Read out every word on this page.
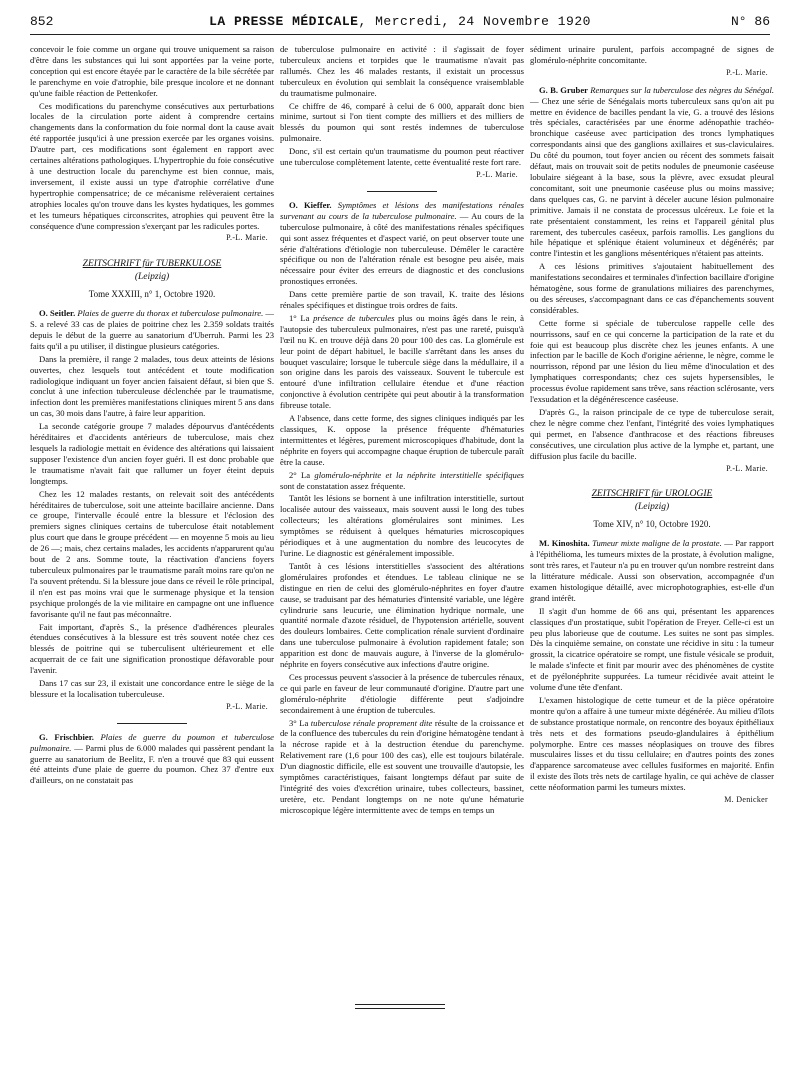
852	LA PRESSE MÉDICALE, Mercredi, 24 Novembre 1920	N° 86

concevoir le foie comme un organe qui trouve uniquement sa raison d'être dans les substances qui lui sont apportées par la veine porte, conception qui est encore étayée par le caractère de la bile sécrétée par le parenchyme en voie d'atrophie, bile presque incolore et ne donnant qu'une faible réaction de Pettenkofer.

Ces modifications du parenchyme consécutives aux perturbations locales de la circulation porte aident à comprendre certains changements dans la conformation du foie normal dont la cause avait été rapportée jusqu'ici à une pression exercée par les organes voisins. D'autre part, ces modifications sont également en rapport avec certaines altérations pathologiques. L'hypertrophie du foie consécutive à une destruction locale du parenchyme est bien connue, mais, inversement, il existe aussi un type d'atrophie corrélative d'une hypertrophie compensatrice; de ce mécanisme relèveraient certaines atrophies locales qu'on trouve dans les kystes hydatiques, les gommes et les tumeurs hépatiques circonscrites, atrophies qui peuvent être la conséquence d'une compression s'exerçant par les radicules portes.

P.-L. Marie.
ZEITSCHRIFT für TUBERKULOSE
(Leipzig)
Tome XXXIII, n° 1, Octobre 1920.

O. Seitler. Plaies de guerre du thorax et tuberculose pulmonaire. — S. a relevé 33 cas de plaies de poitrine chez les 2.359 soldats traités depuis le début de la guerre au sanatorium d'Uberruh. Parmi les 23 faits qu'il a pu utiliser, il distingue plusieurs catégories.

Dans la première, il range 2 malades, tous deux atteints de lésions ouvertes, chez lesquels tout antécédent et toute modification radiologique indiquant un foyer ancien faisaient défaut, si bien que S. conclut à une infection tuberculeuse déclenchée par le traumatisme, infection dont les premières manifestations cliniques mirent 5 ans dans un cas, 30 mois dans l'autre, à faire leur apparition.

La seconde catégorie groupe 7 malades dépourvus d'antécédents héréditaires et d'accidents antérieurs de tuberculose, mais chez lesquels la radiologie mettait en évidence des altérations qui laissaient supposer l'existence d'un ancien foyer guéri. Il est donc probable que le traumatisme n'avait fait que rallumer un foyer éteint depuis longtemps.

Chez les 12 malades restants, on relevait soit des antécédents héréditaires de tuberculose, soit une atteinte bacillaire ancienne. Dans ce groupe, l'intervalle écoulé entre la blessure et l'éclosion des premiers signes cliniques certains de tuberculose était notablement plus court que dans le groupe précédent — en moyenne 5 mois au lieu de 26 —; mais, chez certains malades, les accidents n'apparurent qu'au bout de 2 ans. Somme toute, la réactivation d'anciens foyers tuberculeux pulmonaires par le traumatisme paraît moins rare qu'on ne l'a souvent prétendu. Si la blessure joue dans ce réveil le rôle principal, il n'en est pas moins vrai que le surmenage physique et la tension psychique prolongés de la vie militaire en campagne ont une influence favorisante qu'il ne faut pas méconnaître.

Fait important, d'après S., la présence d'adhérences pleurales étendues consécutives à la blessure est très souvent notée chez ces blessés de poitrine qui se tuberculisent ultérieurement et elle acquerrait de ce fait une signification pronostique défavorable pour l'avenir.

Dans 17 cas sur 23, il existait une concordance entre le siège de la blessure et la localisation tuberculeuse.

P.-L. Marie.

G. Frischbier. Plaies de guerre du poumon et tuberculose pulmonaire. — Parmi plus de 6.000 malades qui passèrent pendant la guerre au sanatorium de Beelitz, F. n'en a trouvé que 83 qui eussent été atteints d'une plaie de guerre du poumon. Chez 37 d'entre eux d'ailleurs, on ne constatait pas

de tuberculose pulmonaire en activité : il s'agissait de foyer tuberculeux anciens et torpides que le traumatisme n'avait pas rallumés. Chez les 46 malades restants, il existait un processus tuberculeux en évolution qui semblait la conséquence vraisemblable du traumatisme pulmonaire.

Ce chiffre de 46, comparé à celui de 6 000, apparaît donc bien minime, surtout si l'on tient compte des milliers et des milliers de blessés du poumon qui sont restés indemnes de tuberculose pulmonaire.

Donc, s'il est certain qu'un traumatisme du poumon peut réactiver une tuberculose complètement latente, cette éventualité reste fort rare.

P.-L. Marie.

O. Kieffer. Symptômes et lésions des manifestations rénales survenant au cours de la tuberculose pulmonaire. — Au cours de la tuberculose pulmonaire, à côté des manifestations rénales spécifiques qui sont assez fréquentes et d'aspect varié, on peut observer toute une série d'altérations d'étiologie non tuberculeuse. Démêler le caractère spécifique ou non de l'altération rénale est besogne peu aisée, mais nécessaire pour éviter des erreurs de diagnostic et des conclusions pronostiques erronées.

Dans cette première partie de son travail, K. traite des lésions rénales spécifiques et distingue trois ordres de faits.

1° La présence de tubercules plus ou moins âgés dans le rein, à l'autopsie des tuberculeux pulmonaires, n'est pas une rareté, puisqu'à l'œil nu K. en trouve déjà dans 20 pour 100 des cas. La glomérule est leur point de départ habituel, le bacille s'arrêtant dans les anses du bouquet vasculaire; lorsque le tubercule siège dans la médullaire, il a son origine dans les parois des vaisseaux. Souvent le tubercule est entouré d'une infiltration cellulaire étendue et d'une réaction conjonctive à évolution centripète qui peut aboutir à la transformation fibreuse totale.

A l'absence, dans cette forme, des signes cliniques indiqués par les classiques, K. oppose la présence fréquente d'hématuries intermittentes et légères, purement microscopiques d'habitude, dont la néphrite en foyers qui accompagne chaque éruption de tubercule paraît être la cause.

2° La glomérulo-néphrite et la néphrite interstitielle spécifiques sont de constatation assez fréquente.

Tantôt les lésions se bornent à une infiltration interstitielle, surtout localisée autour des vaisseaux, mais souvent aussi le long des tubes collecteurs; les altérations glomérulaires sont minimes. Les symptômes se réduisent à quelques hématuries microscopiques périodiques et à une augmentation du nombre des leucocytes de l'urine. Le diagnostic est généralement impossible.

Tantôt à ces lésions interstitielles s'associent des altérations glomérulaires profondes et étendues. Le tableau clinique ne se distingue en rien de celui des glomérulo-néphrites en foyer d'autre cause, se traduisant par des hématuries d'intensité variable, une légère cylindrurie sans leucurie, une élimination hydrique normale, une quantité normale d'azote résiduel, de l'hypotension artérielle, souvent des douleurs lombaires. Cette complication rénale survient d'ordinaire dans une tuberculose pulmonaire à évolution rapidement fatale; son apparition est donc de mauvais augure, à l'inverse de la glomérulo-néphrite en foyers consécutive aux infections d'autre origine.

Ces processus peuvent s'associer à la présence de tubercules rénaux, ce qui parle en faveur de leur communauté d'origine. D'autre part une glomérulo-néphrite d'étiologie différente peut s'adjoindre secondairement à une éruption de tubercules.

3° La tuberculose rénale proprement dite résulte de la croissance et de la confluence des tubercules du rein d'origine hématogène tendant à la nécrose rapide et à la destruction étendue du parenchyme. Relativement rare (1,6 pour 100 des cas), elle est toujours bilatérale. D'un diagnostic difficile, elle est souvent une trouvaille d'autopsie, les symptômes caractéristiques, faisant longtemps défaut par suite de l'intégrité des voies d'excrétion urinaire, tubes collecteurs, bassinet, uretère, etc. Pendant longtemps on ne note qu'une hématurie microscopique légère intermittente avec de temps en temps un

sédiment urinaire purulent, parfois accompagné de signes de glomérulo-néphrite concomitante.

P.-L. Marie.

G. B. Gruber Remarques sur la tuberculose des nègres du Sénégal. — Chez une série de Sénégalais morts tuberculeux sans qu'on ait pu mettre en évidence de bacilles pendant la vie, G. a trouvé des lésions très spéciales, caractérisées par une énorme adénopathie trachéo-bronchique caséeuse avec participation des troncs lymphatiques correspondants ainsi que des ganglions axillaires et sus-claviculaires. Du côté du poumon, tout foyer ancien ou récent des sommets faisait défaut, mais on trouvait soit de petits nodules de pneumonie caséeuse lobulaire siégeant à la base, sous la plèvre, avec exsudat pleural concomitant, soit une pneumonie caséeuse plus ou moins massive; dans quelques cas, G. ne parvint à déceler aucune lésion pulmonaire primitive. Jamais il ne constata de processus ulcéreux. Le foie et la rate présentaient constamment, les reins et l'appareil génital plus rarement, des tubercules caséeux, parfois ramollis. Les ganglions du hile hépatique et splénique étaient volumineux et dégénérés; par contre l'intestin et les ganglions mésentériques n'étaient pas atteints.

A ces lésions primitives s'ajoutaient habituellement des manifestations secondaires et terminales d'infection bacillaire d'origine hématogène, sous forme de granulations miliaires des parenchymes, ou des séreuses, s'accompagnant dans ce cas d'épanchements souvent considérables.

Cette forme si spéciale de tuberculose rappelle celle des nourrissons, sauf en ce qui concerne la participation de la rate et du foie qui est beaucoup plus discrète chez les jeunes enfants. A une infection par le bacille de Koch d'origine aérienne, le nègre, comme le nourrisson, répond par une lésion du lieu même d'inoculation et des lymphatiques correspondants; chez ces sujets hypersensibles, le processus évolue rapidement sans trêve, sans réaction sclérosante, vers l'exsudation et la dégénérescence caséeuse.

D'après G., la raison principale de ce type de tuberculose serait, chez le nègre comme chez l'enfant, l'intégrité des voies lymphatiques qui permet, en l'absence d'anthracose et des réactions fibreuses consécutives, une circulation plus active de la lymphe et, partant, une diffusion plus facile du bacille.

P.-L. Marie.
ZEITSCHRIFT für UROLOGIE
(Leipzig)
Tome XIV, n° 10, Octobre 1920.

M. Kinoshita. Tumeur mixte maligne de la prostate. — Par rapport à l'épithélioma, les tumeurs mixtes de la prostate, à évolution maligne, sont très rares, et l'auteur n'a pu en trouver qu'un nombre restreint dans la littérature médicale. Aussi son observation, accompagnée d'un examen histologique détaillé, avec microphotographies, est-elle d'un grand intérêt.

Il s'agit d'un homme de 66 ans qui, présentant les apparences classiques d'un prostatique, subit l'opération de Freyer. Celle-ci est un peu plus laborieuse que de coutume. Les suites ne sont pas simples. Dès la cinquième semaine, on constate une récidive in situ : la tumeur grossit, la cicatrice opératoire se rompt, une fistule vésicale se produit, le malade s'infecte et finit par mourir avec des phénomènes de cystite et de pyélonéphrite suppurées. La tumeur récidivée avait atteint le volume d'une tête d'enfant.

L'examen histologique de cette tumeur et de la pièce opératoire montre qu'on a affaire à une tumeur mixte dégénérée. Au milieu d'îlots de substance prostatique normale, on rencontre des boyaux épithéliaux très nets et des formations pseudo-glandulaires à épithélium polymorphe. Entre ces masses néoplasiques on trouve des fibres musculaires lisses et du tissu cellulaire; en d'autres points des zones d'apparence sarcomateuse avec cellules fusiformes en majorité. Enfin il existe des îlots très nets de cartilage hyalin, ce qui achève de classer cette néoformation parmi les tumeurs mixtes.

M. Denicker
